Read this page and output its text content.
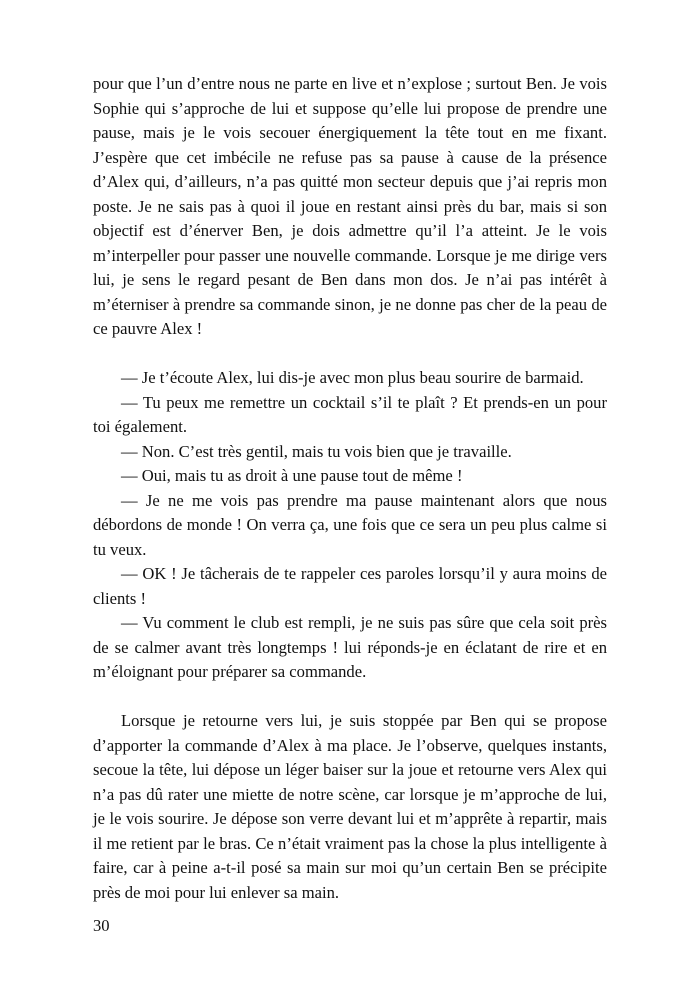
pour que l’un d’entre nous ne parte en live et n’explose ; surtout Ben. Je vois Sophie qui s’approche de lui et suppose qu’elle lui propose de prendre une pause, mais je le vois secouer énergiquement la tête tout en me fixant. J’espère que cet imbécile ne refuse pas sa pause à cause de la présence d’Alex qui, d’ailleurs, n’a pas quitté mon secteur depuis que j’ai repris mon poste. Je ne sais pas à quoi il joue en restant ainsi près du bar, mais si son objectif est d’énerver Ben, je dois admettre qu’il l’a atteint. Je le vois m’interpeller pour passer une nouvelle commande. Lorsque je me dirige vers lui, je sens le regard pesant de Ben dans mon dos. Je n’ai pas intérêt à m’éterniser à prendre sa commande sinon, je ne donne pas cher de la peau de ce pauvre Alex !

— Je t’écoute Alex, lui dis-je avec mon plus beau sourire de barmaid.

— Tu peux me remettre un cocktail s’il te plaît ? Et prends-en un pour toi également.

— Non. C’est très gentil, mais tu vois bien que je travaille.

— Oui, mais tu as droit à une pause tout de même !

— Je ne me vois pas prendre ma pause maintenant alors que nous débordons de monde ! On verra ça, une fois que ce sera un peu plus calme si tu veux.

— OK ! Je tâcherais de te rappeler ces paroles lorsqu’il y aura moins de clients !

— Vu comment le club est rempli, je ne suis pas sûre que cela soit près de se calmer avant très longtemps ! lui réponds-je en éclatant de rire et en m’éloignant pour préparer sa commande.

Lorsque je retourne vers lui, je suis stoppée par Ben qui se propose d’apporter la commande d’Alex à ma place. Je l’observe, quelques instants, secoue la tête, lui dépose un léger baiser sur la joue et retourne vers Alex qui n’a pas dû rater une miette de notre scène, car lorsque je m’approche de lui, je le vois sourire. Je dépose son verre devant lui et m’apprête à repartir, mais il me retient par le bras. Ce n’était vraiment pas la chose la plus intelligente à faire, car à peine a-t-il posé sa main sur moi qu’un certain Ben se précipite près de moi pour lui enlever sa main.

30
